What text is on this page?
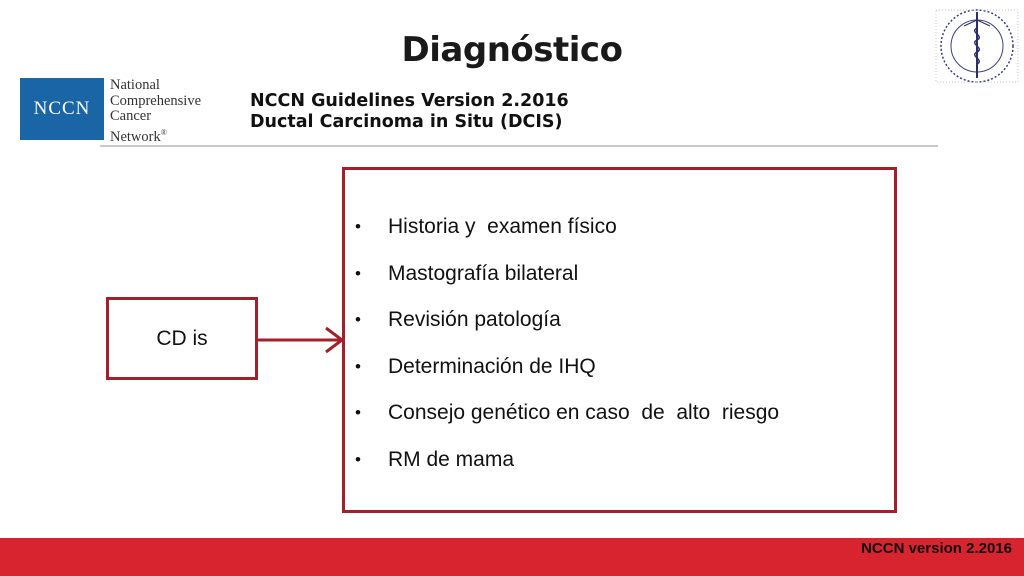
Diagnóstico
NCCN
National
Comprehensive
Cancer
Network®
NCCN Guidelines Version 2.2016
Ductal Carcinoma in Situ (DCIS)
CD is
•	Historia y  examen físico
•	Mastografía bilateral
•	Revisión patología
•	Determinación de IHQ
•	Consejo genético en caso  de  alto  riesgo
•	RM de mama
NCCN version 2.2016
